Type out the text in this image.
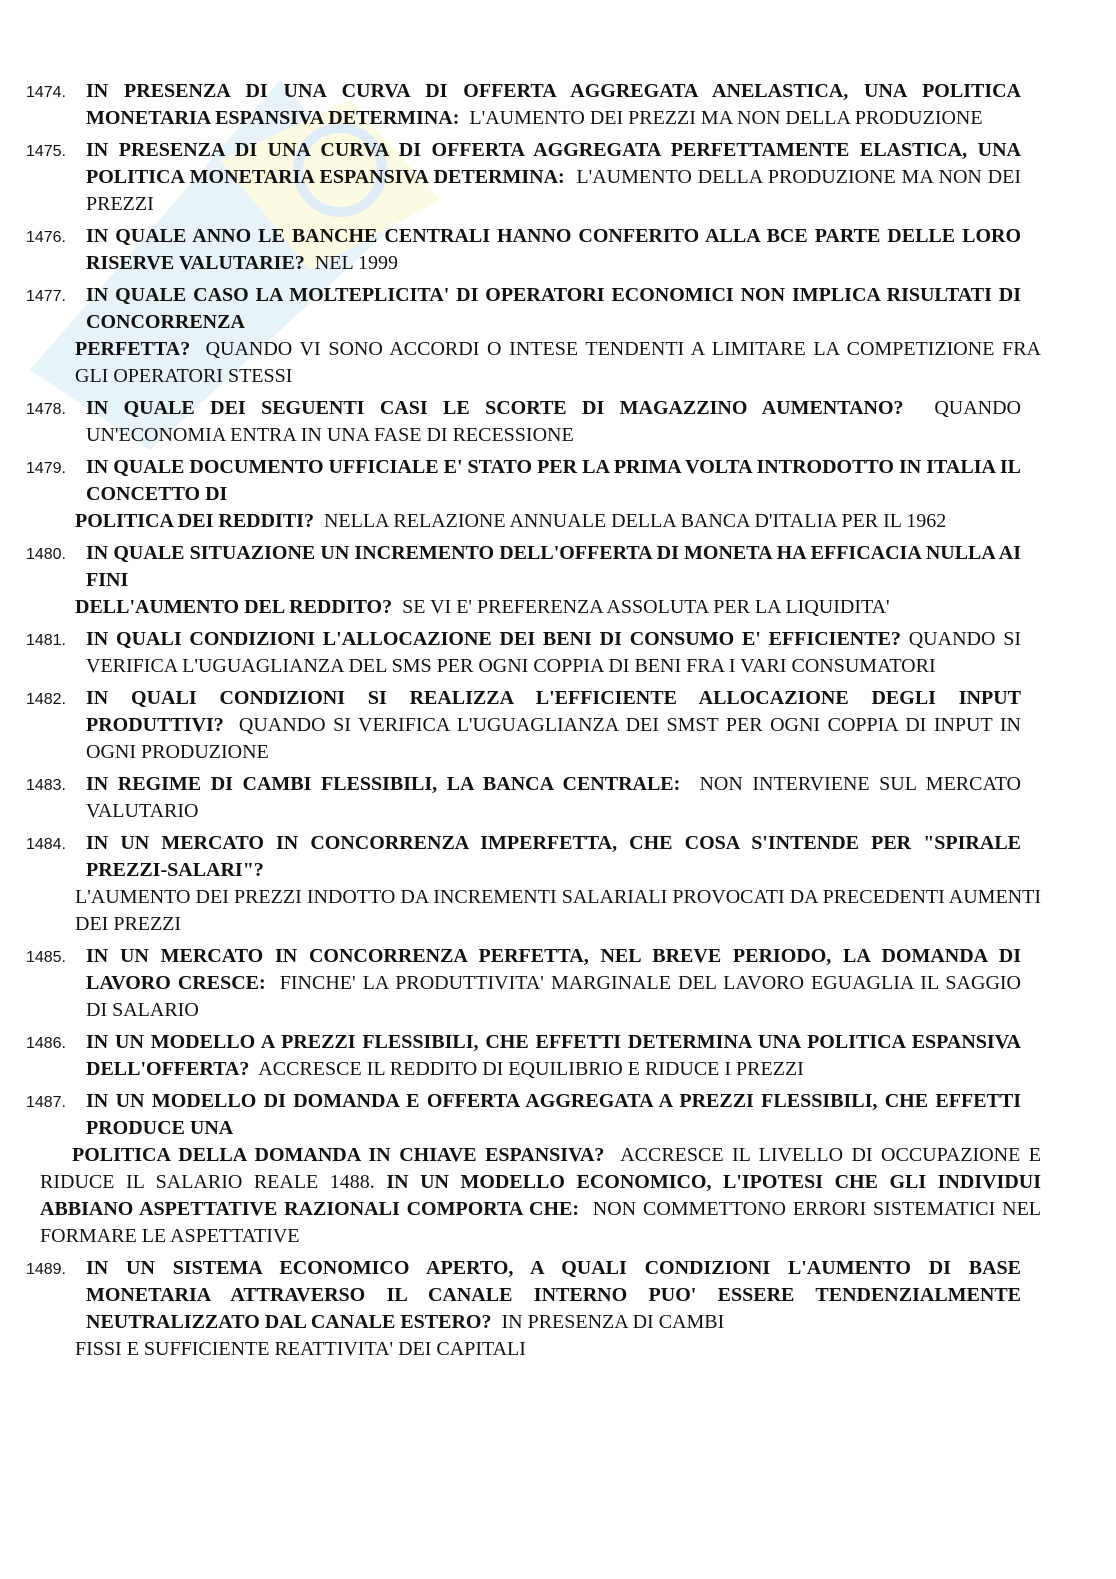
1474.	IN PRESENZA DI UNA CURVA DI OFFERTA AGGREGATA ANELASTICA, UNA POLITICA MONETARIA ESPANSIVA DETERMINA: L'AUMENTO DEI PREZZI MA NON DELLA PRODUZIONE
1475.	IN PRESENZA DI UNA CURVA DI OFFERTA AGGREGATA PERFETTAMENTE ELASTICA, UNA POLITICA MONETARIA ESPANSIVA DETERMINA: L'AUMENTO DELLA PRODUZIONE MA NON DEI PREZZI
1476.	IN QUALE ANNO LE BANCHE CENTRALI HANNO CONFERITO ALLA BCE PARTE DELLE LORO RISERVE VALUTARIE? NEL 1999
1477.	IN QUALE CASO LA MOLTEPLICITA' DI OPERATORI ECONOMICI NON IMPLICA RISULTATI DI CONCORRENZA
PERFETTA? QUANDO VI SONO ACCORDI O INTESE TENDENTI A LIMITARE LA COMPETIZIONE FRA GLI OPERATORI STESSI
1478.	IN QUALE DEI SEGUENTI CASI LE SCORTE DI MAGAZZINO AUMENTANO? QUANDO UN'ECONOMIA ENTRA IN UNA FASE DI RECESSIONE
1479.	IN QUALE DOCUMENTO UFFICIALE E' STATO PER LA PRIMA VOLTA INTRODOTTO IN ITALIA IL CONCETTO DI
POLITICA DEI REDDITI? NELLA RELAZIONE ANNUALE DELLA BANCA D'ITALIA PER IL 1962
1480.	IN QUALE SITUAZIONE UN INCREMENTO DELL'OFFERTA DI MONETA HA EFFICACIA NULLA AI FINI
DELL'AUMENTO DEL REDDITO? SE VI E' PREFERENZA ASSOLUTA PER LA LIQUIDITA'
1481.	IN QUALI CONDIZIONI L'ALLOCAZIONE DEI BENI DI CONSUMO E' EFFICIENTE? QUANDO SI VERIFICA L'UGUAGLIANZA DEL SMS PER OGNI COPPIA DI BENI FRA I VARI CONSUMATORI
1482.	IN QUALI CONDIZIONI SI REALIZZA L'EFFICIENTE ALLOCAZIONE DEGLI INPUT PRODUTTIVI? QUANDO SI VERIFICA L'UGUAGLIANZA DEI SMST PER OGNI COPPIA DI INPUT IN OGNI PRODUZIONE
1483.	IN REGIME DI CAMBI FLESSIBILI, LA BANCA CENTRALE: NON INTERVIENE SUL MERCATO VALUTARIO
1484.	IN UN MERCATO IN CONCORRENZA IMPERFETTA, CHE COSA S'INTENDE PER "SPIRALE PREZZI-SALARI"?
L'AUMENTO DEI PREZZI INDOTTO DA INCREMENTI SALARIALI PROVOCATI DA PRECEDENTI AUMENTI DEI PREZZI
1485.	IN UN MERCATO IN CONCORRENZA PERFETTA, NEL BREVE PERIODO, LA DOMANDA DI LAVORO CRESCE: FINCHE' LA PRODUTTIVITA' MARGINALE DEL LAVORO EGUAGLIA IL SAGGIO DI SALARIO
1486.	IN UN MODELLO A PREZZI FLESSIBILI, CHE EFFETTI DETERMINA UNA POLITICA ESPANSIVA DELL'OFFERTA? ACCRESCE IL REDDITO DI EQUILIBRIO E RIDUCE I PREZZI
1487.	IN UN MODELLO DI DOMANDA E OFFERTA AGGREGATA A PREZZI FLESSIBILI, CHE EFFETTI PRODUCE UNA
POLITICA DELLA DOMANDA IN CHIAVE ESPANSIVA? ACCRESCE IL LIVELLO DI OCCUPAZIONE E RIDUCE IL SALARIO REALE 1488. IN UN MODELLO ECONOMICO, L'IPOTESI CHE GLI INDIVIDUI ABBIANO ASPETTATIVE RAZIONALI COMPORTA CHE: NON COMMETTONO ERRORI SISTEMATICI NEL FORMARE LE ASPETTATIVE
1489.	IN UN SISTEMA ECONOMICO APERTO, A QUALI CONDIZIONI L'AUMENTO DI BASE MONETARIA ATTRAVERSO IL CANALE INTERNO PUO' ESSERE TENDENZIALMENTE NEUTRALIZZATO DAL CANALE ESTERO? IN PRESENZA DI CAMBI
FISSI E SUFFICIENTE REATTIVITA' DEI CAPITALI
